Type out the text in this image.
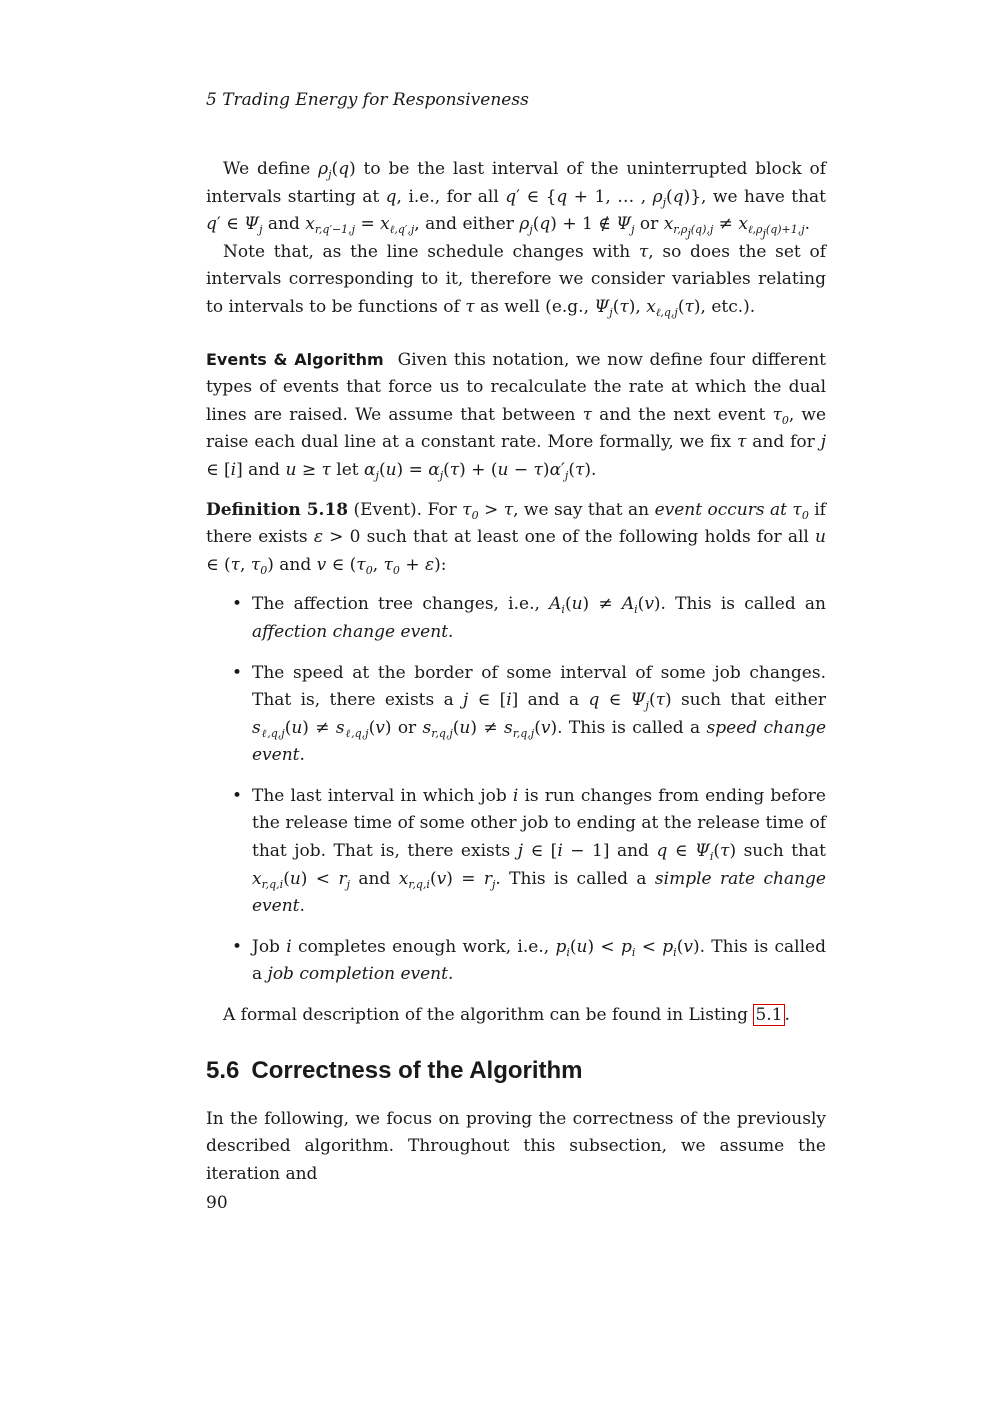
5 Trading Energy for Responsiveness

We define $\rho_j(q)$ to be the last interval of the uninterrupted block of intervals starting at q, i.e., for all q′ ∈ {q + 1, … , $\rho_j(q)$}, we have that q′ ∈ $\Psi_j$ and $x_{r,q'-1,j} = x_{\ell,q',j}$, and either $\rho_j(q) + 1$ ∉ $\Psi_j$ or $x_{r,\rho_j(q),j} \ne x_{\ell,\rho_j(q)+1,j}$.

Note that, as the line schedule changes with τ, so does the set of intervals corresponding to it, therefore we consider variables relating to intervals to be functions of τ as well (e.g., $\Psi_j(\tau)$, $x_{\ell,q,j}(\tau)$, etc.).

Events & Algorithm Given this notation, we now define four different types of events that force us to recalculate the rate at which the dual lines are raised. We assume that between τ and the next event $\tau_0$, we raise each dual line at a constant rate. More formally, we fix τ and for j ∈ [i] and u ≥ τ let $\alpha_j(u) = \alpha_j(\tau) + (u - \tau)\alpha'_j(\tau)$.

Definition 5.18 (Event). For $\tau_0 > \tau$, we say that an event occurs at $\tau_0$ if there exists ε > 0 such that at least one of the following holds for all u ∈ (τ, $\tau_0$) and v ∈ ($\tau_0$, $\tau_0 + \varepsilon$):

• The affection tree changes, i.e., $A_i(u) \ne A_i(v)$. This is called an affection change event.
• The speed at the border of some interval of some job changes. That is, there exists a j ∈ [i] and a q ∈ $\Psi_j(\tau)$ such that either $s_{\ell,q,j}(u) \ne s_{\ell,q,j}(v)$ or $s_{r,q,j}(u) \ne s_{r,q,j}(v)$. This is called a speed change event.
• The last interval in which job i is run changes from ending before the release time of some other job to ending at the release time of that job. That is, there exists j ∈ [i − 1] and q ∈ $\Psi_i(\tau)$ such that $x_{r,q,i}(u) < r_j$ and $x_{r,q,i}(v) = r_j$. This is called a simple rate change event.
• Job i completes enough work, i.e., $p_i(u) < p_i < p_i(v)$. This is called a job completion event.

A formal description of the algorithm can be found in Listing 5.1 .

5.6 Correctness of the Algorithm

In the following, we focus on proving the correctness of the previously described algorithm. Throughout this subsection, we assume the iteration and

90
